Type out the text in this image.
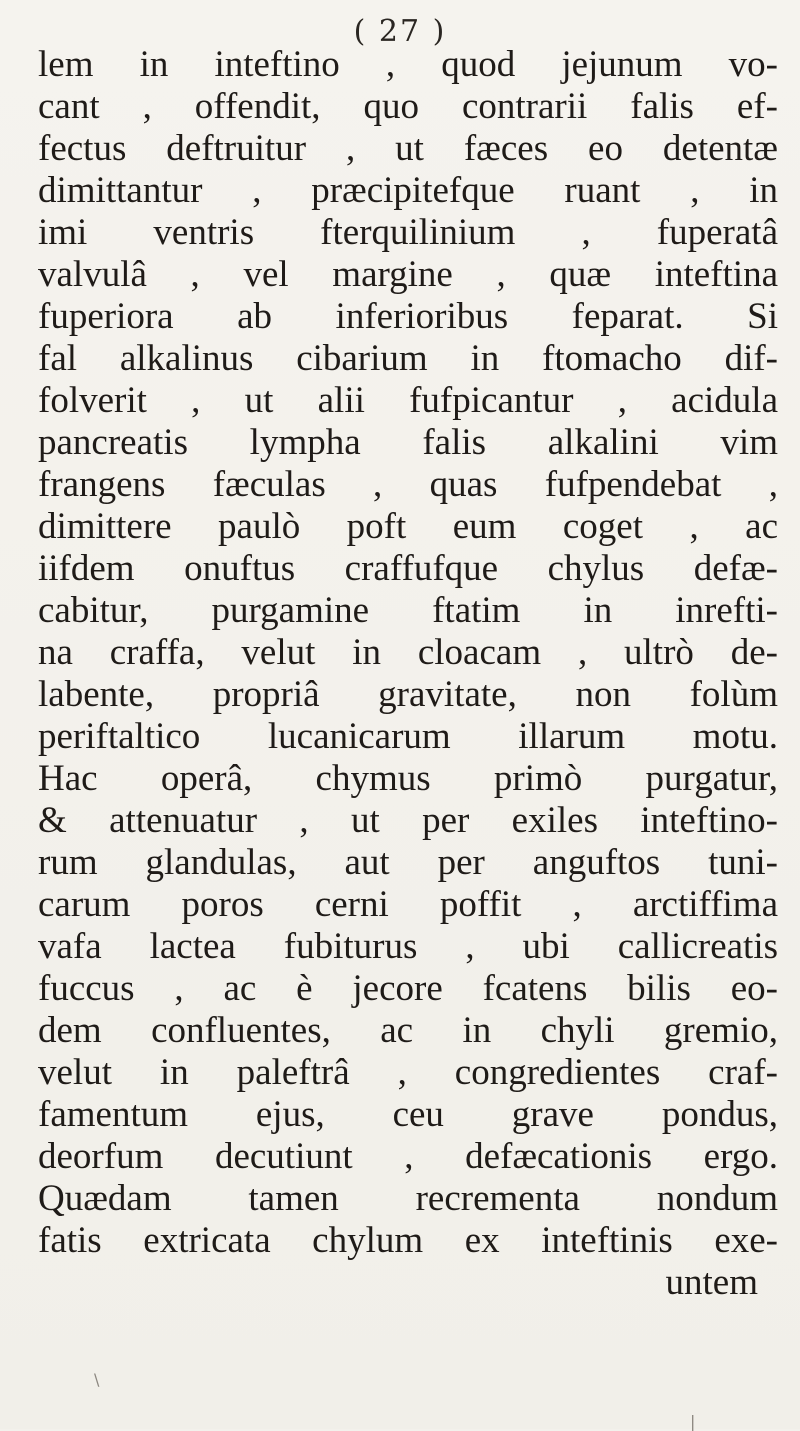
( 27 )
lem in inteftino , quod jejunum vo-
cant , offendit, quo contrarii falis ef-
fectus deftruitur , ut fæces eo detentæ
dimittantur , præcipitefque ruant , in
imi ventris fterquilinium , fuperatâ
valvulâ , vel margine , quæ inteftina
fuperiora ab inferioribus feparat. Si
fal alkalinus cibarium in ftomacho dif-
folverit , ut alii fufpicantur , acidula
pancreatis lympha falis alkalini vim
frangens fæculas , quas fufpendebat ,
dimittere paulò poft eum coget , ac
iifdem onuftus craffufque chylus defæ-
cabitur, purgamine ftatim in inrefti-
na craffa, velut in cloacam , ultrò de-
labente, propriâ gravitate, non folùm
periftaltico lucanicarum illarum motu.
Hac operâ, chymus primò purgatur,
& attenuatur , ut per exiles inteftino-
rum glandulas, aut per anguftos tuni-
carum poros cerni poffit , arctiffima
vafa lactea fubiturus , ubi callicreatis
fuccus , ac è jecore fcatens bilis eo-
dem confluentes, ac in chyli gremio,
velut in paleftrâ , congredientes craf-
famentum ejus, ceu grave pondus,
deorfum decutiunt , defæcationis ergo.
Quædam tamen recrementa nondum
fatis extricata chylum ex inteftinis exe-
untem
\
|
